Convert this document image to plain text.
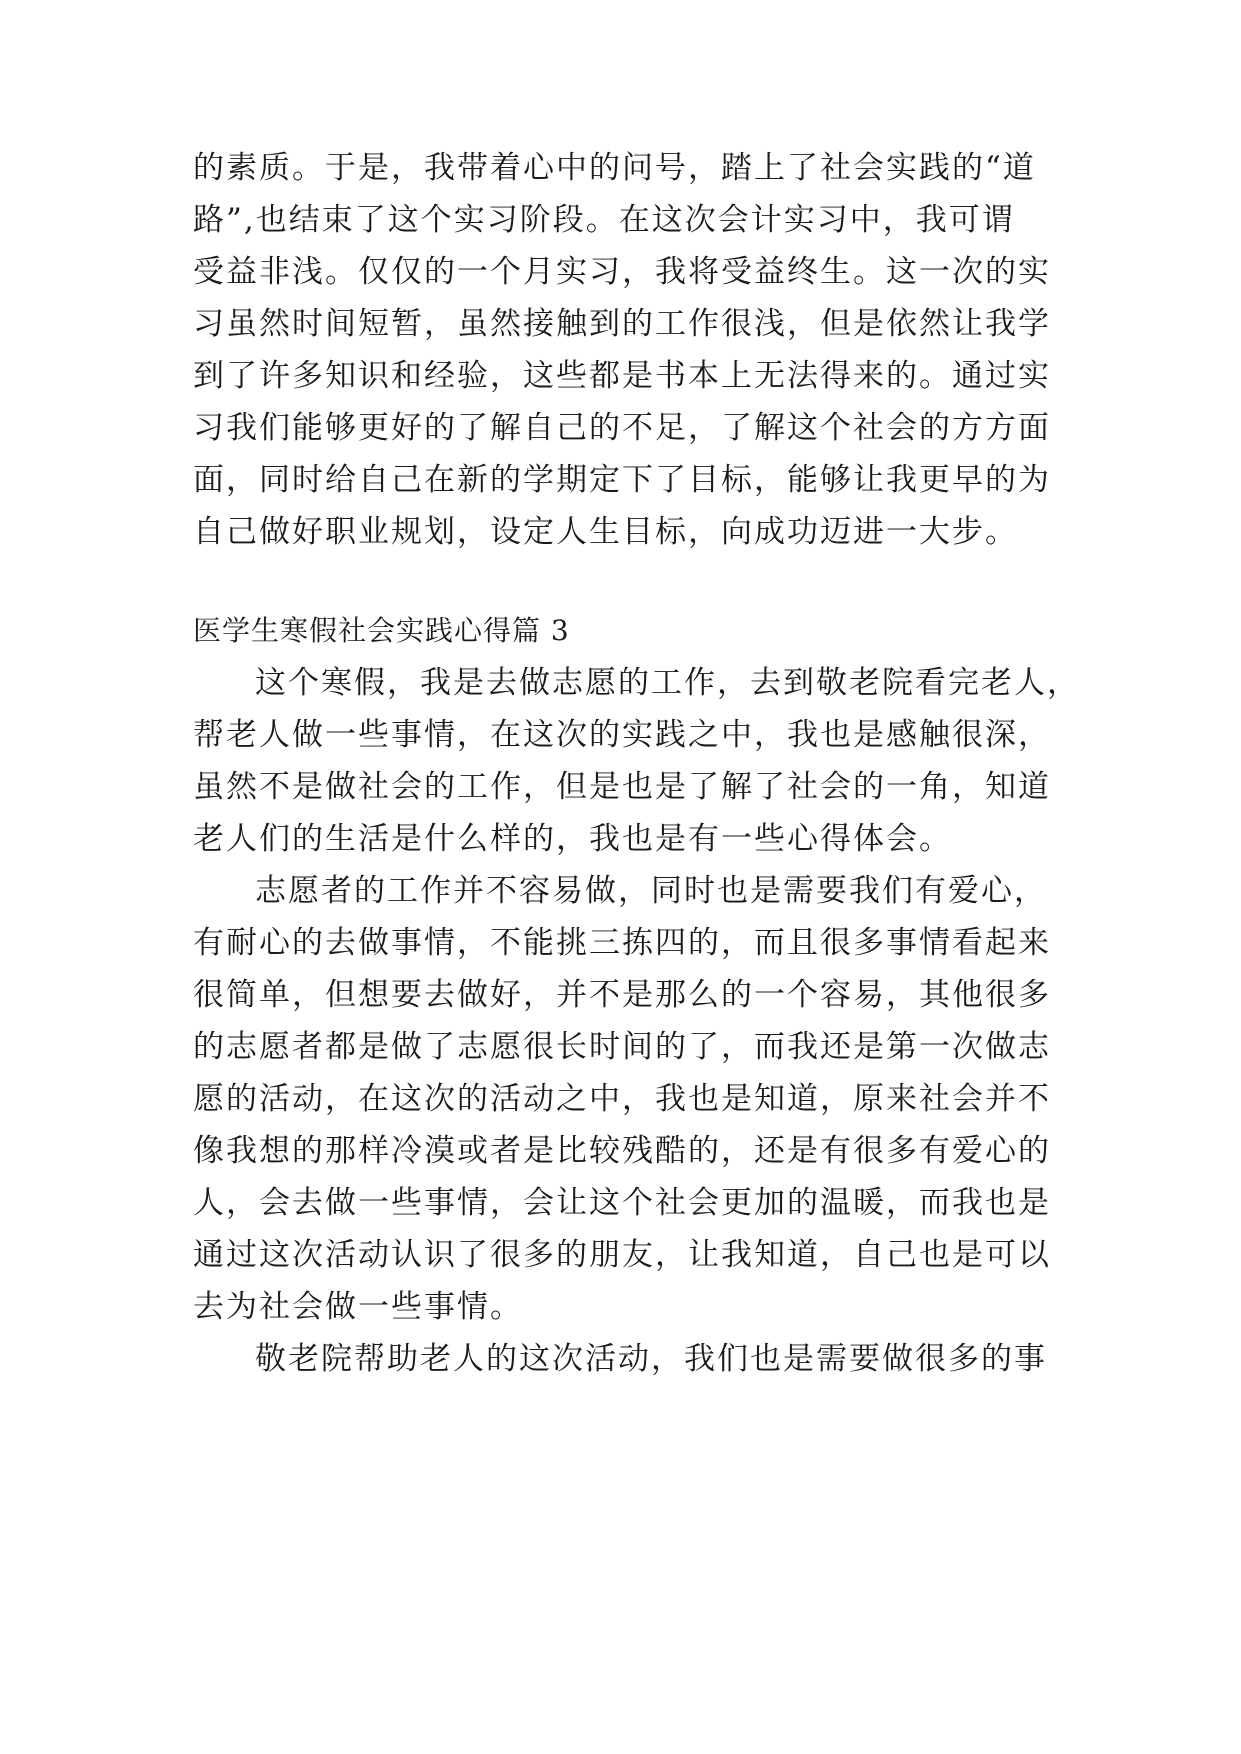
的素质。于是，我带着心中的问号，踏上了社会实践的“道
路”,也结束了这个实习阶段。在这次会计实习中，我可谓
受益非浅。仅仅的一个月实习，我将受益终生。这一次的实
习虽然时间短暂，虽然接触到的工作很浅，但是依然让我学
到了许多知识和经验，这些都是书本上无法得来的。通过实
习我们能够更好的了解自己的不足，了解这个社会的方方面
面，同时给自己在新的学期定下了目标，能够让我更早的为
自己做好职业规划，设定人生目标，向成功迈进一大步。
医学生寒假社会实践心得篇 3
这个寒假，我是去做志愿的工作，去到敬老院看完老人，
帮老人做一些事情，在这次的实践之中，我也是感触很深，
虽然不是做社会的工作，但是也是了解了社会的一角，知道
老人们的生活是什么样的，我也是有一些心得体会。
志愿者的工作并不容易做，同时也是需要我们有爱心，
有耐心的去做事情，不能挑三拣四的，而且很多事情看起来
很简单，但想要去做好，并不是那么的一个容易，其他很多
的志愿者都是做了志愿很长时间的了，而我还是第一次做志
愿的活动，在这次的活动之中，我也是知道，原来社会并不
像我想的那样冷漠或者是比较残酷的，还是有很多有爱心的
人，会去做一些事情，会让这个社会更加的温暖，而我也是
通过这次活动认识了很多的朋友，让我知道，自己也是可以
去为社会做一些事情。
敬老院帮助老人的这次活动，我们也是需要做很多的事
